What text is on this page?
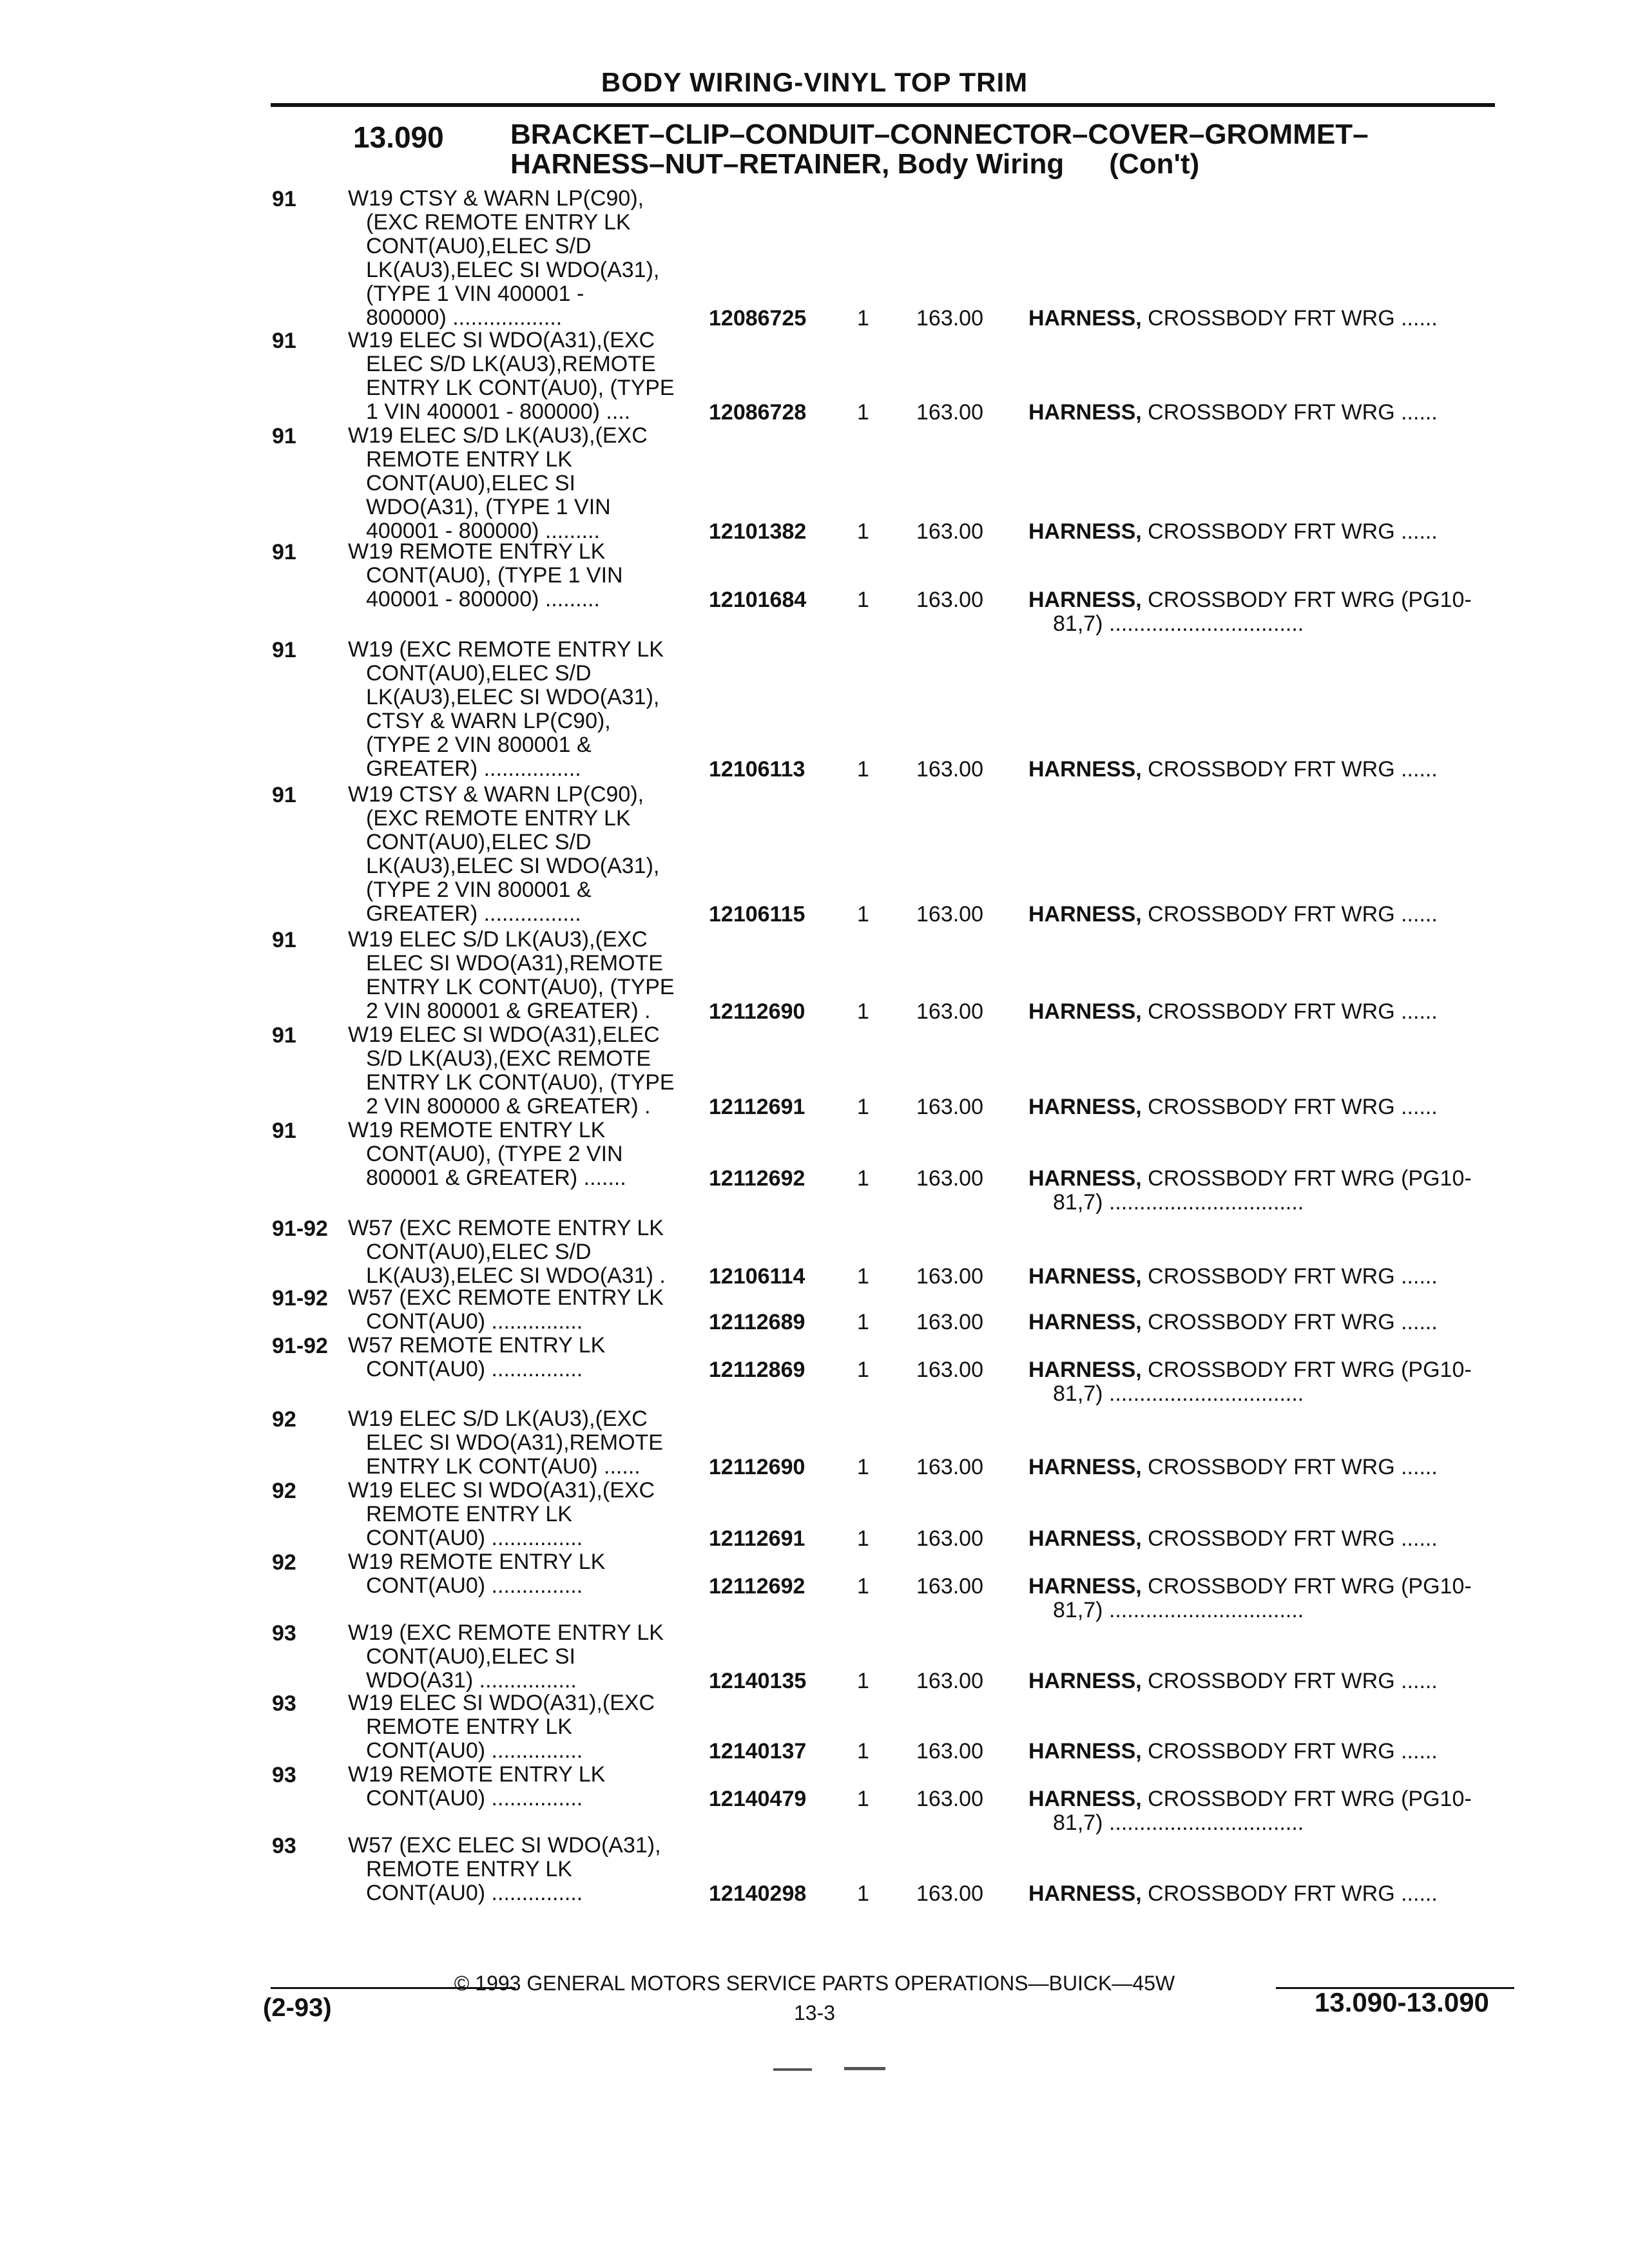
BODY WIRING-VINYL TOP TRIM
13.090 BRACKET–CLIP–CONDUIT–CONNECTOR–COVER–GROMMET–
HARNESS–NUT–RETAINER, Body Wiring (Con't)
91 W19 CTSY & WARN LP(C90),
(EXC REMOTE ENTRY LK
CONT(AU0),ELEC S/D
LK(AU3),ELEC SI WDO(A31),
(TYPE 1 VIN 400001 -
800000) ..................	12086725 1 163.00 HARNESS, CROSSBODY FRT WRG ......
91 W19 ELEC SI WDO(A31),(EXC
ELEC S/D LK(AU3),REMOTE
ENTRY LK CONT(AU0), (TYPE
1 VIN 400001 - 800000) ....	12086728 1 163.00 HARNESS, CROSSBODY FRT WRG ......
91 W19 ELEC S/D LK(AU3),(EXC
REMOTE ENTRY LK
CONT(AU0),ELEC SI
WDO(A31), (TYPE 1 VIN
400001 - 800000) .........	12101382 1 163.00 HARNESS, CROSSBODY FRT WRG ......
91 W19 REMOTE ENTRY LK
CONT(AU0), (TYPE 1 VIN
400001 - 800000) .........	12101684 1 163.00 HARNESS, CROSSBODY FRT WRG (PG10-
81,7) ................................
91 W19 (EXC REMOTE ENTRY LK
CONT(AU0),ELEC S/D
LK(AU3),ELEC SI WDO(A31),
CTSY & WARN LP(C90),
(TYPE 2 VIN 800001 &
GREATER) ................	12106113 1 163.00 HARNESS, CROSSBODY FRT WRG ......
91 W19 CTSY & WARN LP(C90),
(EXC REMOTE ENTRY LK
CONT(AU0),ELEC S/D
LK(AU3),ELEC SI WDO(A31),
(TYPE 2 VIN 800001 &
GREATER) ................	12106115 1 163.00 HARNESS, CROSSBODY FRT WRG ......
91 W19 ELEC S/D LK(AU3),(EXC
ELEC SI WDO(A31),REMOTE
ENTRY LK CONT(AU0), (TYPE
2 VIN 800001 & GREATER) .	12112690 1 163.00 HARNESS, CROSSBODY FRT WRG ......
91 W19 ELEC SI WDO(A31),ELEC
S/D LK(AU3),(EXC REMOTE
ENTRY LK CONT(AU0), (TYPE
2 VIN 800000 & GREATER) .	12112691 1 163.00 HARNESS, CROSSBODY FRT WRG ......
91 W19 REMOTE ENTRY LK
CONT(AU0), (TYPE 2 VIN
800001 & GREATER) .......	12112692 1 163.00 HARNESS, CROSSBODY FRT WRG (PG10-
81,7) ................................
91-92 W57 (EXC REMOTE ENTRY LK
CONT(AU0),ELEC S/D
LK(AU3),ELEC SI WDO(A31) .	12106114 1 163.00 HARNESS, CROSSBODY FRT WRG ......
91-92 W57 (EXC REMOTE ENTRY LK
CONT(AU0) ...............	12112689 1 163.00 HARNESS, CROSSBODY FRT WRG ......
91-92 W57 REMOTE ENTRY LK
CONT(AU0) ...............	12112869 1 163.00 HARNESS, CROSSBODY FRT WRG (PG10-
81,7) ................................
92 W19 ELEC S/D LK(AU3),(EXC
ELEC SI WDO(A31),REMOTE
ENTRY LK CONT(AU0) ......	12112690 1 163.00 HARNESS, CROSSBODY FRT WRG ......
92 W19 ELEC SI WDO(A31),(EXC
REMOTE ENTRY LK
CONT(AU0) ...............	12112691 1 163.00 HARNESS, CROSSBODY FRT WRG ......
92 W19 REMOTE ENTRY LK
CONT(AU0) ...............	12112692 1 163.00 HARNESS, CROSSBODY FRT WRG (PG10-
81,7) ................................
93 W19 (EXC REMOTE ENTRY LK
CONT(AU0),ELEC SI
WDO(A31) ................	12140135 1 163.00 HARNESS, CROSSBODY FRT WRG ......
93 W19 ELEC SI WDO(A31),(EXC
REMOTE ENTRY LK
CONT(AU0) ...............	12140137 1 163.00 HARNESS, CROSSBODY FRT WRG ......
93 W19 REMOTE ENTRY LK
CONT(AU0) ...............	12140479 1 163.00 HARNESS, CROSSBODY FRT WRG (PG10-
81,7) ................................
93 W57 (EXC ELEC SI WDO(A31),
REMOTE ENTRY LK
CONT(AU0) ...............	12140298 1 163.00 HARNESS, CROSSBODY FRT WRG ......
© 1993 GENERAL MOTORS SERVICE PARTS OPERATIONS—BUICK—45W
(2-93)	13-3	13.090-13.090
